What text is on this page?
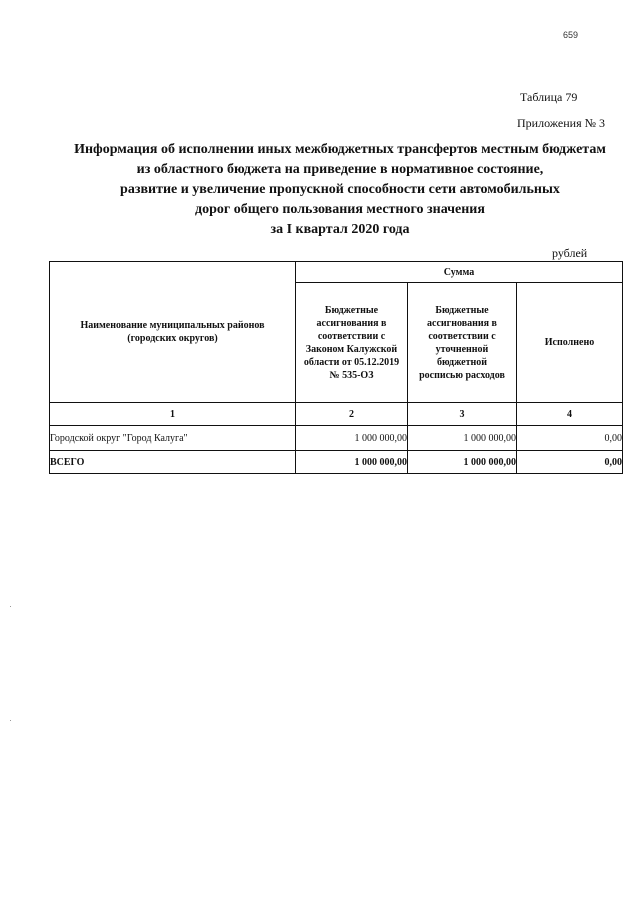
659
Таблица 79
Приложения № 3
Информация об исполнении иных межбюджетных трансфертов местным бюджетам
из областного бюджета на приведение в нормативное состояние,
развитие и увеличение пропускной способности сети автомобильных
дорог общего пользования местного значения
за I квартал 2020 года
рублей
Наименование муниципальных районов (городских округов)	Сумма		

	Бюджетные ассигнования в соответствии с Законом Калужской области от 05.12.2019 № 535-ОЗ	Бюджетные ассигнования в соответствии с уточненной бюджетной росписью расходов	Исполнено
1	2	3	4
Городской округ "Город Калуга"	1 000 000,00	1 000 000,00	0,00
ВСЕГО	1 000 000,00	1 000 000,00	0,00
